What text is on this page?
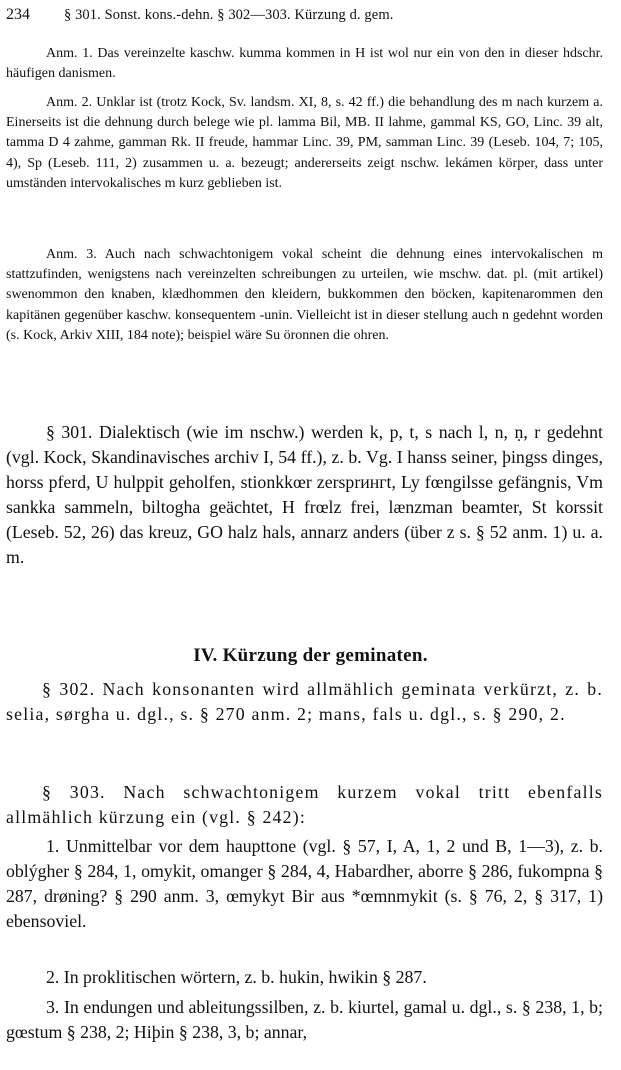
234 § 301. Sonst. kons.-dehn. § 302—303. Kürzung d. gem.

Anm. 1. Das vereinzelte kaschw. kumma kommen in H ist wol nur ein von den in dieser hdschr. häufigen danismen.

Anm. 2. Unklar ist (trotz Kock, Sv. landsm. XI, 8, s. 42 ff.) die behandlung des m nach kurzem a. Einerseits ist die dehnung durch belege wie pl. lamma Bil, MB. II lahme, gammal KS, GO, Linc. 39 alt, tamma D 4 zahme, gamman Rk. II freude, hammar Linc. 39, PM, samman Linc. 39 (Leseb. 104, 7; 105, 4), Sp (Leseb. 111, 2) zusammen u. a. bezeugt; andererseits zeigt nschw. lekámen körper, dass unter umständen intervokalisches m kurz geblieben ist.

Anm. 3. Auch nach schwachtonigem vokal scheint die dehnung eines intervokalischen m stattzufinden, wenigstens nach vereinzelten schreibungen zu urteilen, wie mschw. dat. pl. (mit artikel) swenommon den knaben, klædhommen den kleidern, bukkommen den böcken, kapitenarommen den kapitänen gegenüber kaschw. konsequentem -unin. Vielleicht ist in dieser stellung auch n gedehnt worden (s. Kock, Arkiv XIII, 184 note); beispiel wäre Su öronnen die ohren.

§ 301. Dialektisch (wie im nschw.) werden k, p, t, s nach l, n, ṇ, r gedehnt (vgl. Kock, Skandinavisches archiv I, 54 ff.), z. b. Vg. I hanss seiner, þingss dinges, horss pferd, U hulppit geholfen, stionkkœr zersprингt, Ly fœngilsse gefängnis, Vm sankka sammeln, biltogha geächtet, H frœlz frei, lænzman beamter, St korssit (Leseb. 52, 26) das kreuz, GO halz hals, annarz anders (über z s. § 52 anm. 1) u. a. m.

IV. Kürzung der geminaten.

§ 302. Nach konsonanten wird allmählich geminata verkürzt, z. b. selia, sørgha u. dgl., s. § 270 anm. 2; mans, fals u. dgl., s. § 290, 2.

§ 303. Nach schwachtonigem kurzem vokal tritt ebenfalls allmählich kürzung ein (vgl. § 242):

1. Unmittelbar vor dem haupttone (vgl. § 57, I, A, 1, 2 und B, 1—3), z. b. oblýgher § 284, 1, omykit, omanger § 284, 4, Habardher, aborre § 286, fukompna § 287, drøning? § 290 anm. 3, œmykyt Bir aus *œmnmykit (s. § 76, 2, § 317, 1) ebensoviel.

2. In proklitischen wörtern, z. b. hukin, hwikin § 287.

3. In endungen und ableitungssilben, z. b. kiurtel, gamal u. dgl., s. § 238, 1, b; gœstum § 238, 2; Hiþin § 238, 3, b; annar,
